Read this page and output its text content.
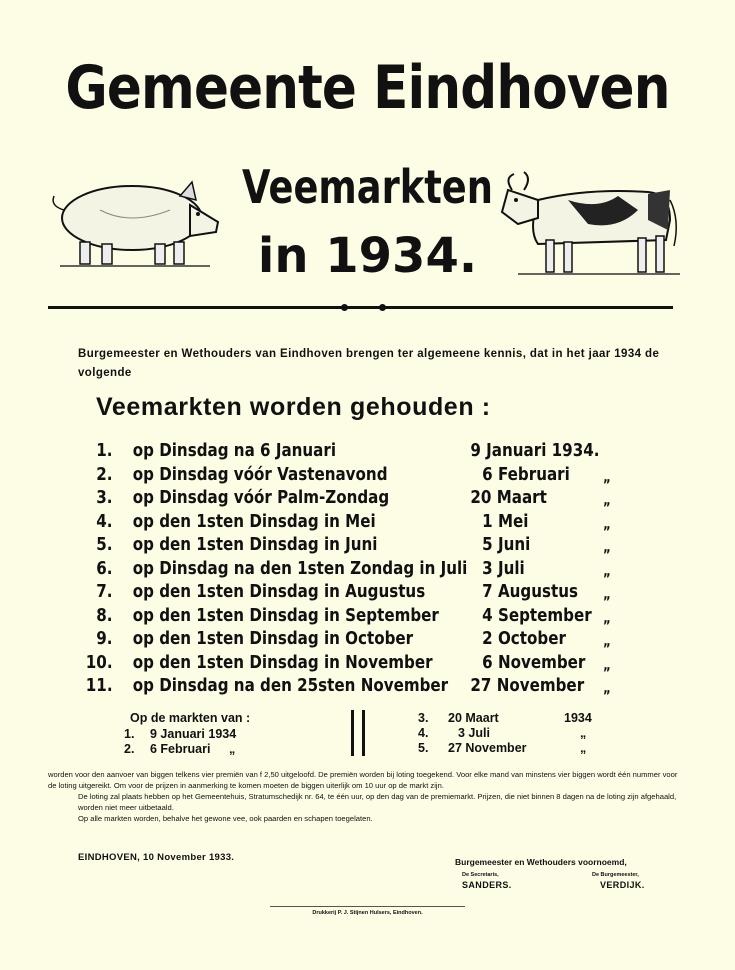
Gemeente Eindhoven
Veemarkten
in 1934.
Burgemeester en Wethouders van Eindhoven brengen ter algemeene kennis, dat in het jaar 1934 de volgende
Veemarkten worden gehouden :
1. op Dinsdag na 6 Januari	9 Januari 1934.
2. op Dinsdag vóór Vastenavond	6 Februari „
3. op Dinsdag vóór Palm-Zondag	20 Maart	„
4. op den 1sten Dinsdag in Mei	1 Mei	„
5. op den 1sten Dinsdag in Juni	5 Juni	„
6. op Dinsdag na den 1sten Zondag in Juli 3 Juli	„
7. op den 1sten Dinsdag in Augustus	7 Augustus „
8. op den 1sten Dinsdag in September 4 September „
9. op den 1sten Dinsdag in October	2 October	„
10. op den 1sten Dinsdag in November	6 November „
11. op Dinsdag na den 25sten November 27 November „
Op de markten van :
1. 9 Januari 1934
2. 6 Februari „
3. 20 Maart	1934
4. 3 Juli	„
5. 27 November	„

worden voor den aanvoer van biggen telkens vier premiën van f 2,50 uitgeloofd. De premiën worden bij loting toegekend. Voor elke mand van minstens vier biggen wordt één nummer voor de loting uitgereikt. Om voor de prijzen in aanmerking te komen moeten de biggen uiterlijk om 10 uur op de markt zijn.

De loting zal plaats hebben op het Gemeentehuis, Stratumschedijk nr. 64, te één uur, op den dag van de premiemarkt. Prijzen, die niet binnen 8 dagen na de loting zijn afgehaald, worden niet meer uitbetaald.

Op alle markten worden, behalve het gewone vee, ook paarden en schapen toegelaten.

EINDHOVEN, 10 November 1933.	Burgemeester en Wethouders voornoemd,
De Secretaris,
SANDERS.
De Burgemeester,
VERDIJK.
Drukkerij P. J. Stijnen Hulsers, Eindhoven.
